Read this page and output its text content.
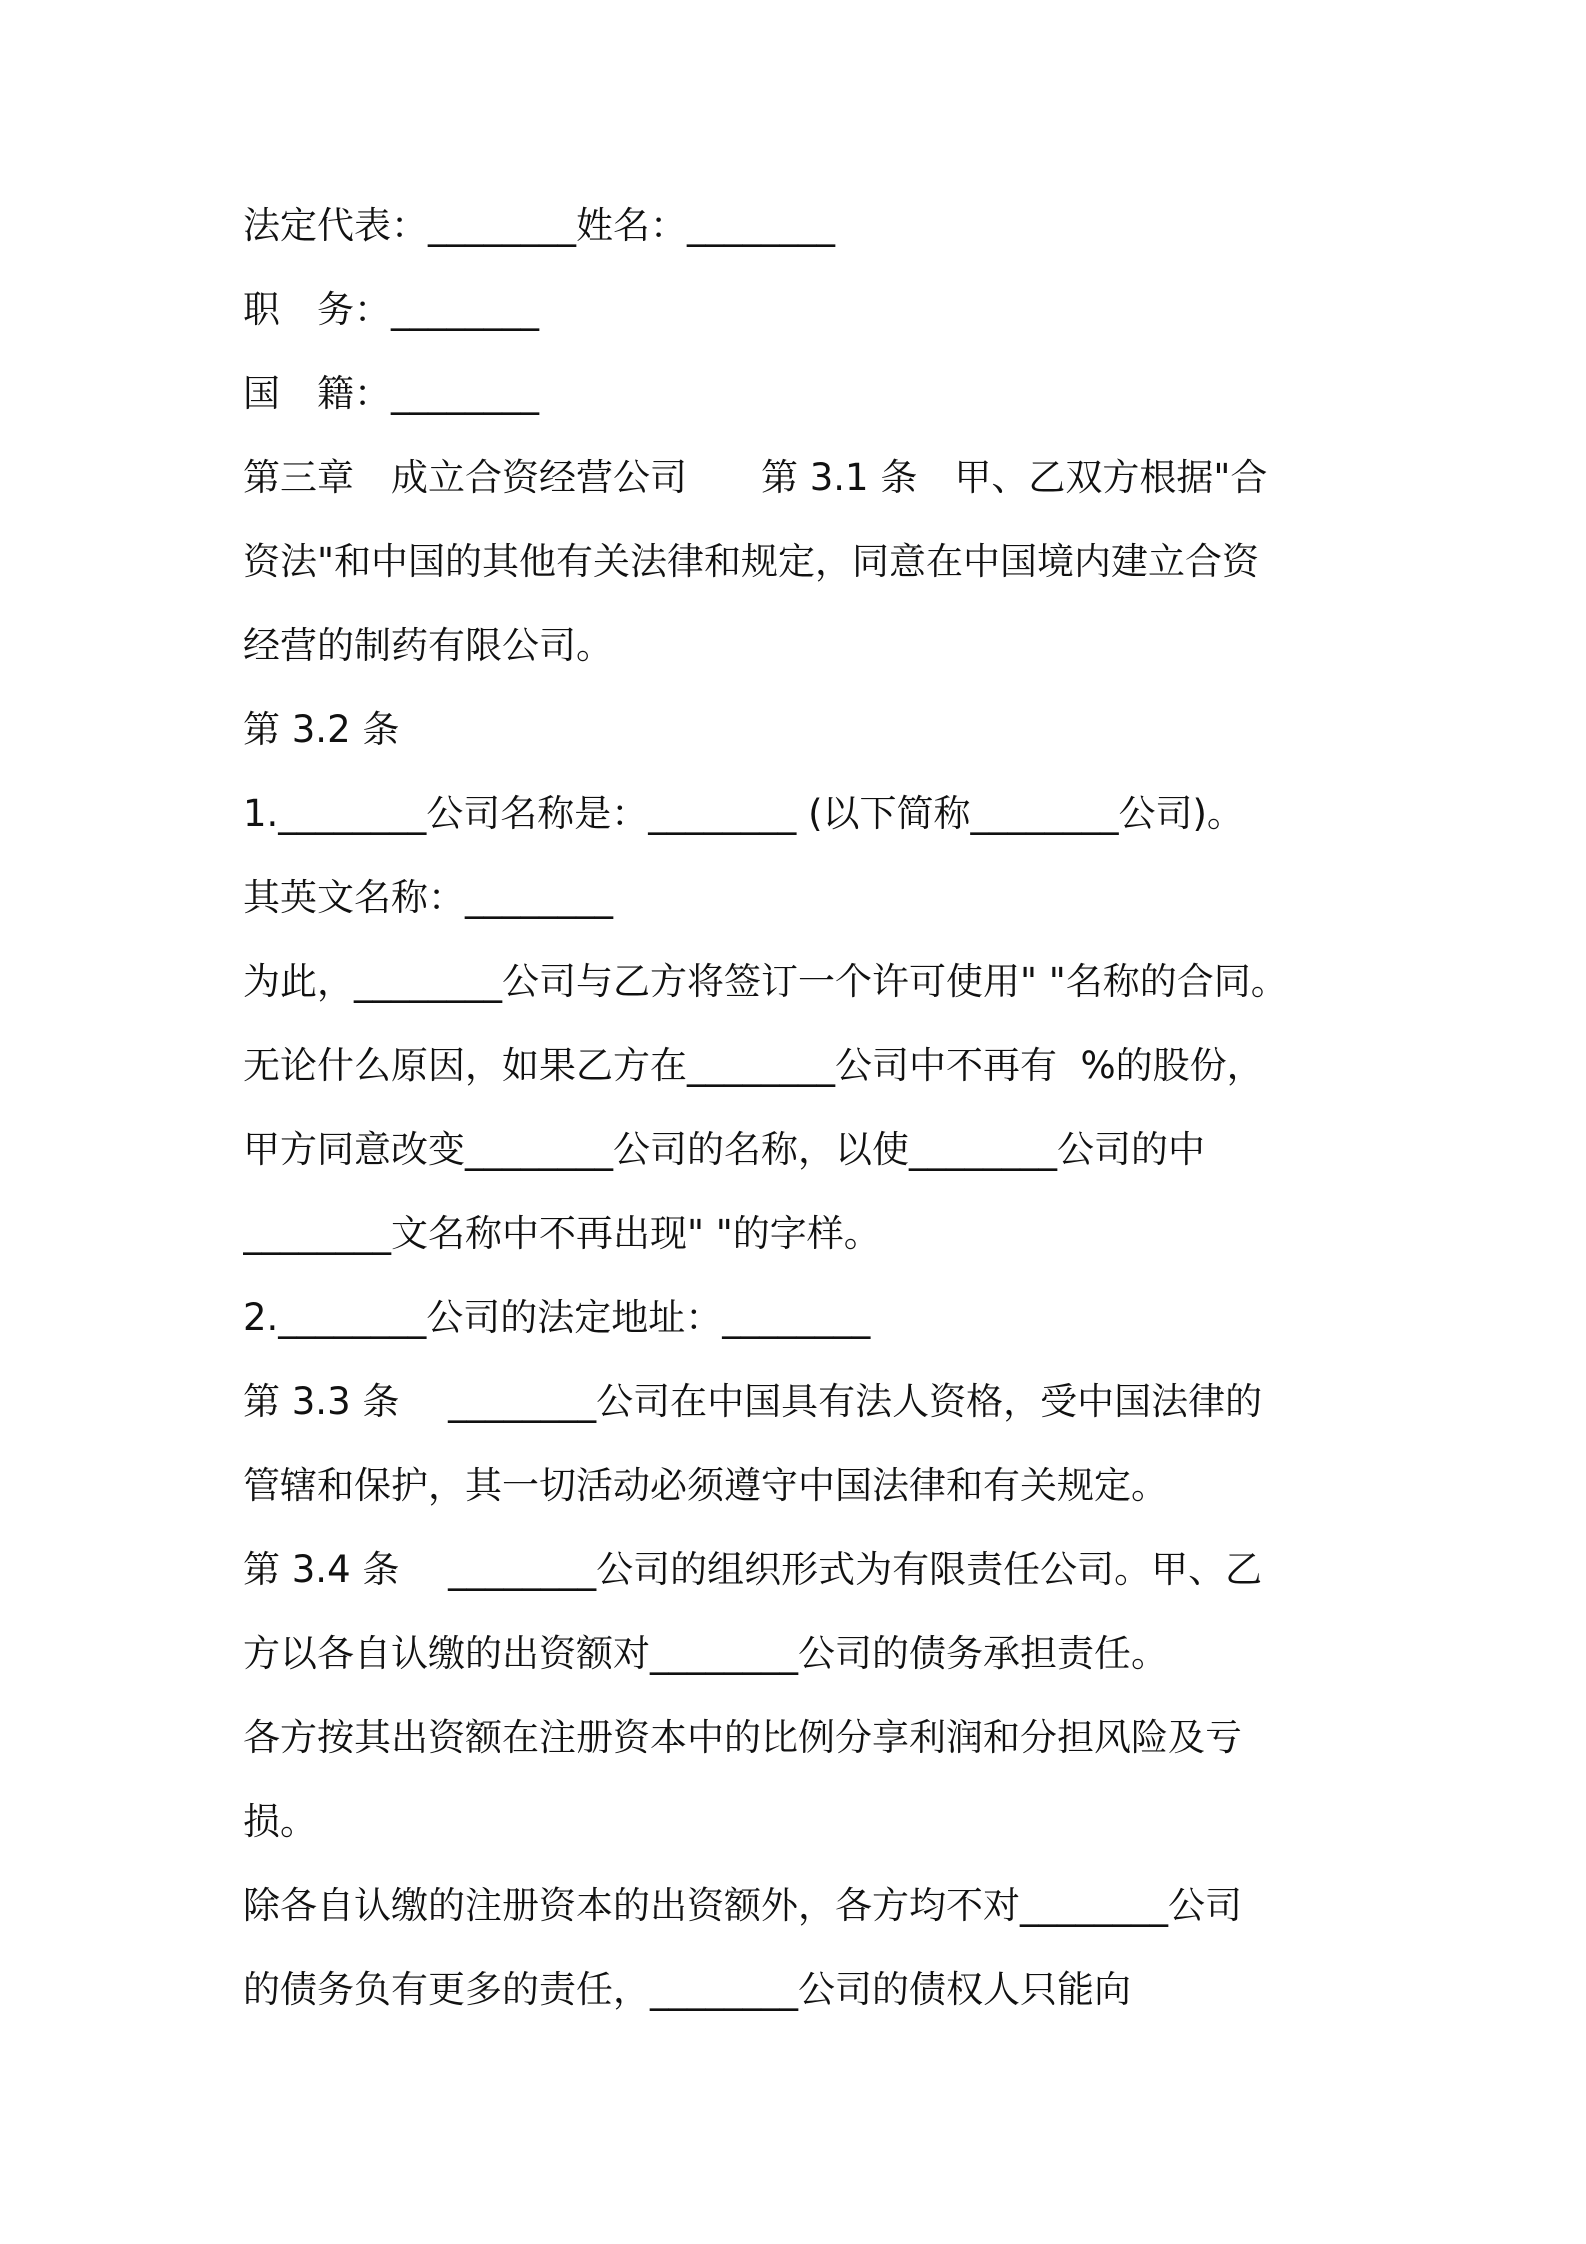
法定代表：________姓名：________
职　务：________
国　籍：________
第三章　成立合资经营公司　　第 3.1 条　甲、乙双方根据"合
资法"和中国的其他有关法律和规定，同意在中国境内建立合资
经营的制药有限公司。
第 3.2 条
1.________公司名称是：________ (以下简称________公司)。
其英文名称：________
为此，________公司与乙方将签订一个许可使用" "名称的合同。
无论什么原因，如果乙方在________公司中不再有  %的股份，
甲方同意改变________公司的名称，以使________公司的中
________文名称中不再出现" "的字样。
2.________公司的法定地址：________
第 3.3 条　 ________公司在中国具有法人资格，受中国法律的
管辖和保护，其一切活动必须遵守中国法律和有关规定。
第 3.4 条　 ________公司的组织形式为有限责任公司。甲、乙
方以各自认缴的出资额对________公司的债务承担责任。
各方按其出资额在注册资本中的比例分享利润和分担风险及亏
损。
除各自认缴的注册资本的出资额外，各方均不对________公司
的债务负有更多的责任，________公司的债权人只能向
